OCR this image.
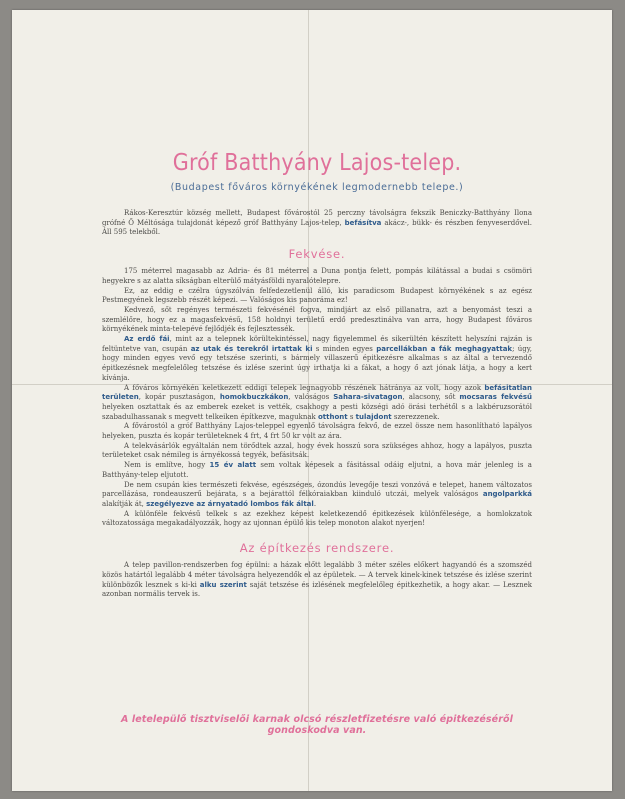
Gróf Batthyány Lajos-telep.
(Budapest főváros környékének legmodernebb telepe.)

Rákos-Keresztúr község mellett, Budapest fővárostól 25 perczny távolságra fekszik Beniczky-Batthyány Ilona grófné Ő Méltósága tulajdonát képező gróf Batthyány Lajos-telep, befásítva akácz-, bükk- és részben fenyveserdővel. Áll 595 telekből.

Fekvése.

175 méterrel magasabb az Adria- és 81 méterrel a Duna pontja felett, pompás kilátással a budai s csömöri hegyekre s az alatta síkságban elterülő mátyásföldi nyaralótelepre.

Ez, az eddig e czélra úgyszólván felfedezetlenül álló, kis paradicsom Budapest környékének s az egész Pestmegyének legszebb részét képezi. — Valóságos kis panoráma ez!

Kedvező, sőt regényes természeti fekvésénél fogva, mindjárt az első pillanatra, azt a benyomást teszi a szemlélőre, hogy ez a magasfekvésű, 158 holdnyi területű erdő predesztinálva van arra, hogy Budapest főváros környékének minta-telepévé fejlődjék és fejlesztessék.

Az erdő fái, mint az a telepnek körültekintéssel, nagy figyelemmel és sikerültén készített helyszíni rajzán is feltüntetve van, csupán az utak és terekről irtattak ki s minden egyes parcellákban a fák meghagyattak; úgy, hogy minden egyes vevő egy tetszése szerinti, s bármely villaszerű épitkezésre alkalmas s az által a tervezendő épitkezésnek megfelelőleg tetszése és izlése szerint úgy irthatja ki a fákat, a hogy ő azt jónak látja, a hogy a kert kívánja.

A főváros környékén keletkezett eddigi telepek legnagyobb részének hátránya az volt, hogy azok befásitatlan területen, kopár pusztaságon, homokbuczkákon, valóságos Sahara-sivatagon, alacsony, sőt mocsaras fekvésű helyeken osztattak és az emberek ezeket is vették, csakhogy a pesti községi adó örási terhétől s a lakbéruzsorától szabadulhassanak s megvett telkeiken építkezve, maguknak otthont s tulajdont szerezzenek.

A fővárostól a gróf Batthyány Lajos-teleppel egyenlő távolságra fekvő, de ezzel össze nem hasonlítható lapályos helyeken, puszta és kopár területeknek 4 frt, 4 frt 50 kr volt az ára.

A telekvásárlók egyáltalán nem törődtek azzal, hogy évek hosszú sora szükséges ahhoz, hogy a lapályos, puszta területeket csak némileg is árnyékossá tegyék, befásitsák.

Nem is említve, hogy 15 év alatt sem voltak képesek a fásitással odáig eljutni, a hova már jelenleg is a Batthyány-telep eljutott.

De nem csupán kies természeti fekvése, egészséges, ózondús levegője teszi vonzóvá e telepet, hanem változatos parcellázása, rondeauszerű bejárata, s a bejárattól félkóraiakban kiinduló utczái, melyek valóságos angolparkká alakítják át, szegélyezve az árnyatadó lombos fák által.

A különféle fekvésű telkek s az ezekhez képest keletkezendő épitkezések különfélesége, a homlokzatok változatossága megakadályozzák, hogy az ujonnan épülő kis telep monoton alakot nyerjen!

Az építkezés rendszere.

A telep pavillon-rendszerben fog épülni: a házak előtt legalább 3 méter széles előkert hagyandó és a szomszéd közös határtól legalább 4 méter távolságra helyezendők el az épületek. — A tervek kinek-kinek tetszése és izlése szerint különbözők lesznek s ki-ki alku szerint saját tetszése és izlésének megfelelőleg épitkezhetik, a hogy akar. — Lesznek azonban normális tervek is.

A letelepülő tisztviselői karnak olcsó részletfizetésre való épitkezéséről gondoskodva van.
